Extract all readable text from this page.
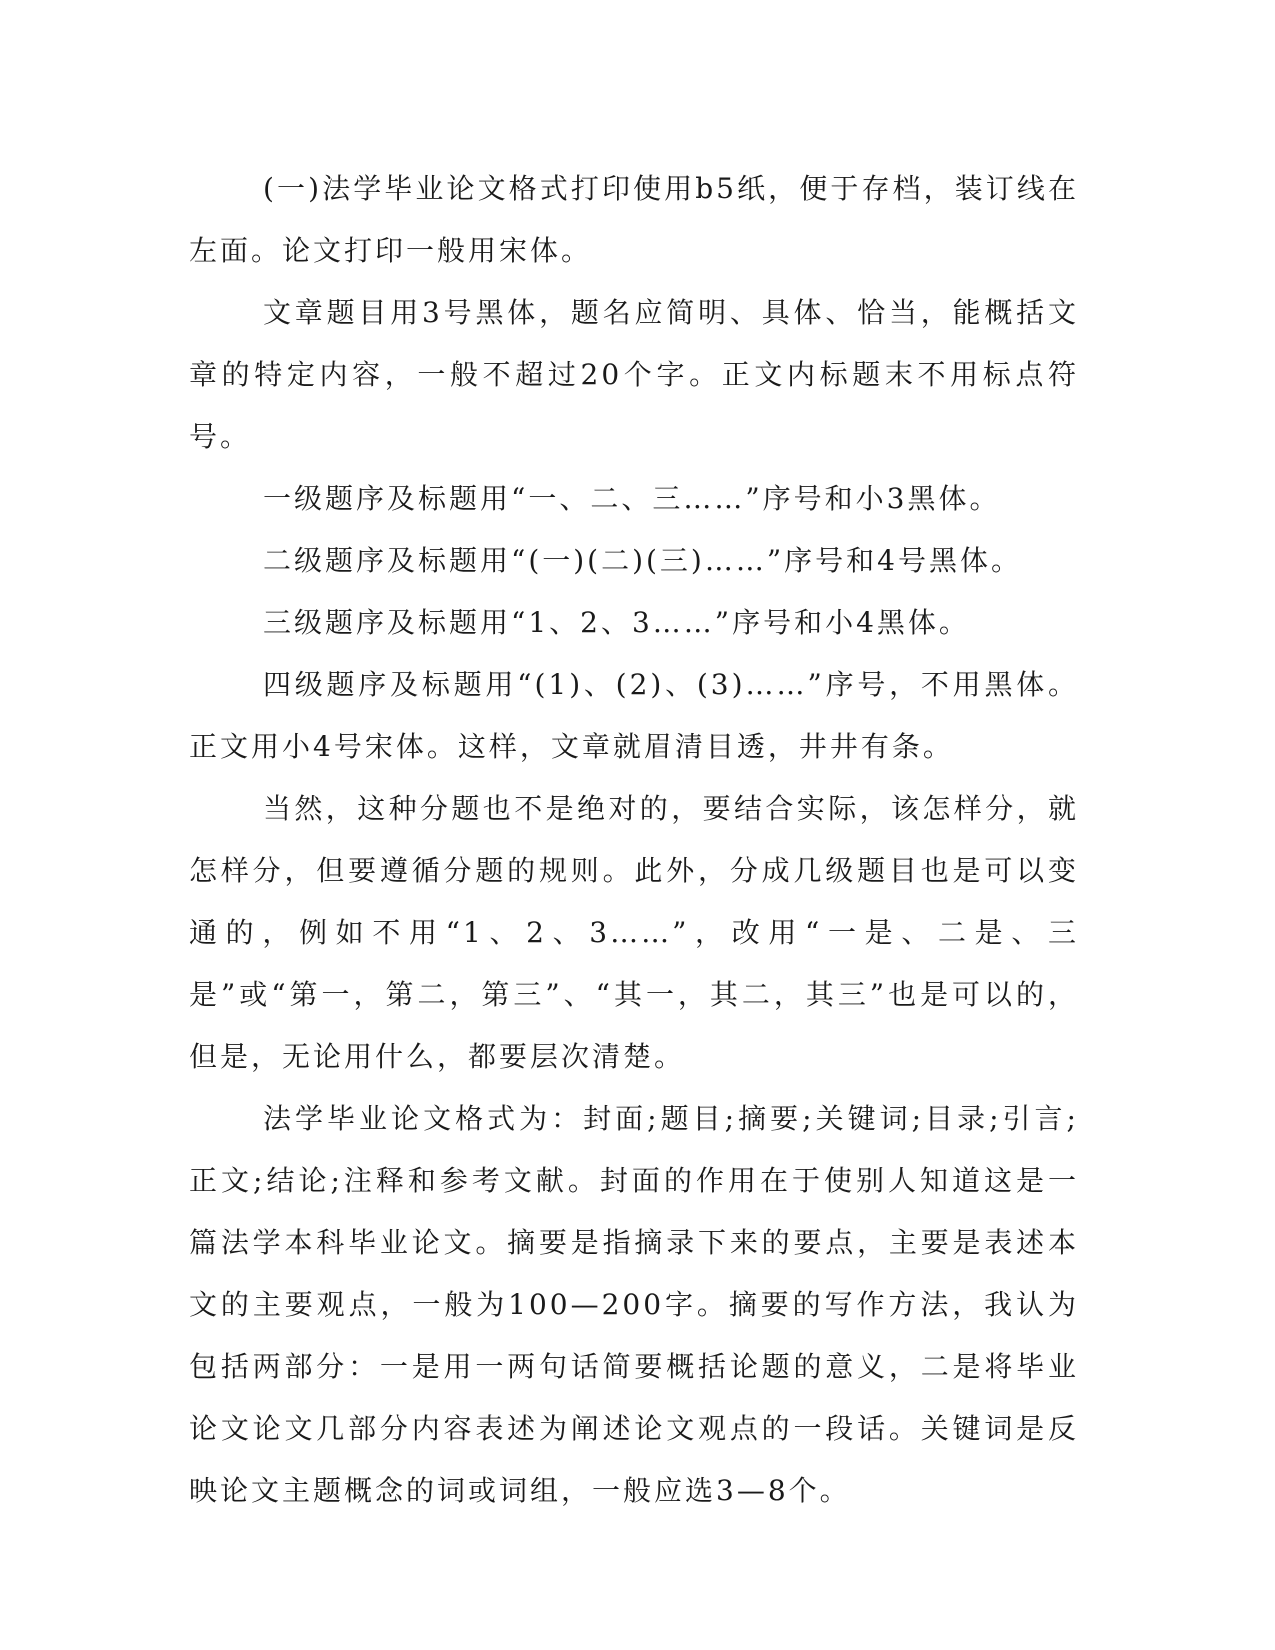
(一)法学毕业论文格式打印使用b5纸，便于存档，装订线在左面。论文打印一般用宋体。

文章题目用3号黑体，题名应简明、具体、恰当，能概括文章的特定内容，一般不超过20个字。正文内标题末不用标点符号。

一级题序及标题用“一、二、三……”序号和小3黑体。

二级题序及标题用“(一)(二)(三)……”序号和4号黑体。

三级题序及标题用“1、2、3……”序号和小4黑体。

四级题序及标题用“(1)、(2)、(3)……”序号，不用黑体。正文用小4号宋体。这样，文章就眉清目透，井井有条。

当然，这种分题也不是绝对的，要结合实际，该怎样分，就怎样分，但要遵循分题的规则。此外，分成几级题目也是可以变通的，例如不用“1、2、3……”，改用“一是、二是、三是”或“第一，第二，第三”、“其一，其二，其三”也是可以的，但是，无论用什么，都要层次清楚。

法学毕业论文格式为：封面;题目;摘要;关键词;目录;引言;正文;结论;注释和参考文献。封面的作用在于使别人知道这是一篇法学本科毕业论文。摘要是指摘录下来的要点，主要是表述本文的主要观点，一般为100—200字。摘要的写作方法，我认为包括两部分：一是用一两句话简要概括论题的意义，二是将毕业论文论文几部分内容表述为阐述论文观点的一段话。关键词是反映论文主题概念的词或词组，一般应选3—8个。
